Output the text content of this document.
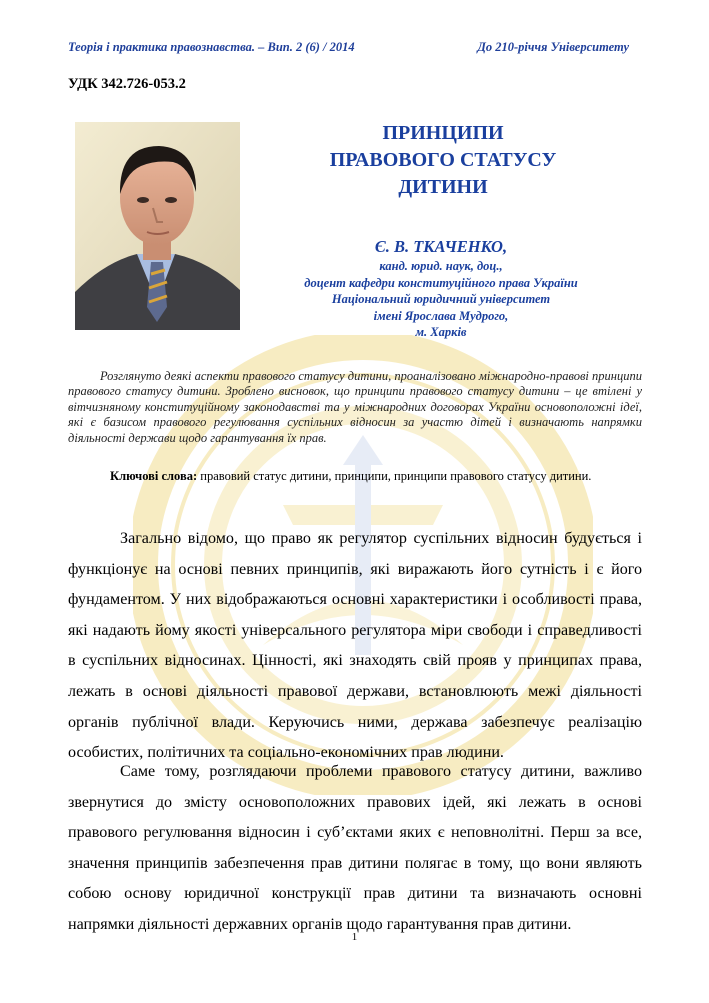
Теорія і практика правознавства. – Вип. 2 (6) / 2014	До 210-річчя Університету
УДК 342.726-053.2
ПРИНЦИПИ
ПРАВОВОГО СТАТУСУ
ДИТИНИ
Є. В. ТКАЧЕНКО,
канд. юрид. наук, доц.,
доцент кафедри конституційного права України
Національний юридичний університет
імені Ярослава Мудрого,
м. Харків
Розглянуто деякі аспекти правового статусу дитини, проаналізовано міжнародно-правові принципи правового статусу дитини. Зроблено висновок, що принципи правового статусу дитини – це втілені у вітчизняному конституційному законодавстві та у міжнародних договорах України основоположні ідеї, які є базисом правового регулювання суспільних відносин за участю дітей і визначають напрямки діяльності держави щодо гарантування їх прав.
Ключові слова: правовий статус дитини, принципи, принципи правового статусу дитини.

Загально відомо, що право як регулятор суспільних відносин будується і функціонує на основі певних принципів, які виражають його сутність і є його фундаментом. У них відображаються основні характеристики і особливості права, які надають йому якості універсального регулятора міри свободи і справедливості в суспільних відносинах. Цінності, які знаходять свій прояв у принципах права, лежать в основі діяльності правової держави, встановлюють межі діяльності органів публічної влади. Керуючись ними, держава забезпечує реалізацію особистих, політичних та соціально-економічних прав людини.

Саме тому, розглядаючи проблеми правового статусу дитини, важливо звернутися до змісту основоположних правових ідей, які лежать в основі правового регулювання відносин і суб’єктами яких є неповнолітні. Перш за все, значення принципів забезпечення прав дитини полягає в тому, що вони являють собою основу юридичної конструкції прав дитини та визначають основні напрямки діяльності державних органів щодо гарантування прав дитини.

1
